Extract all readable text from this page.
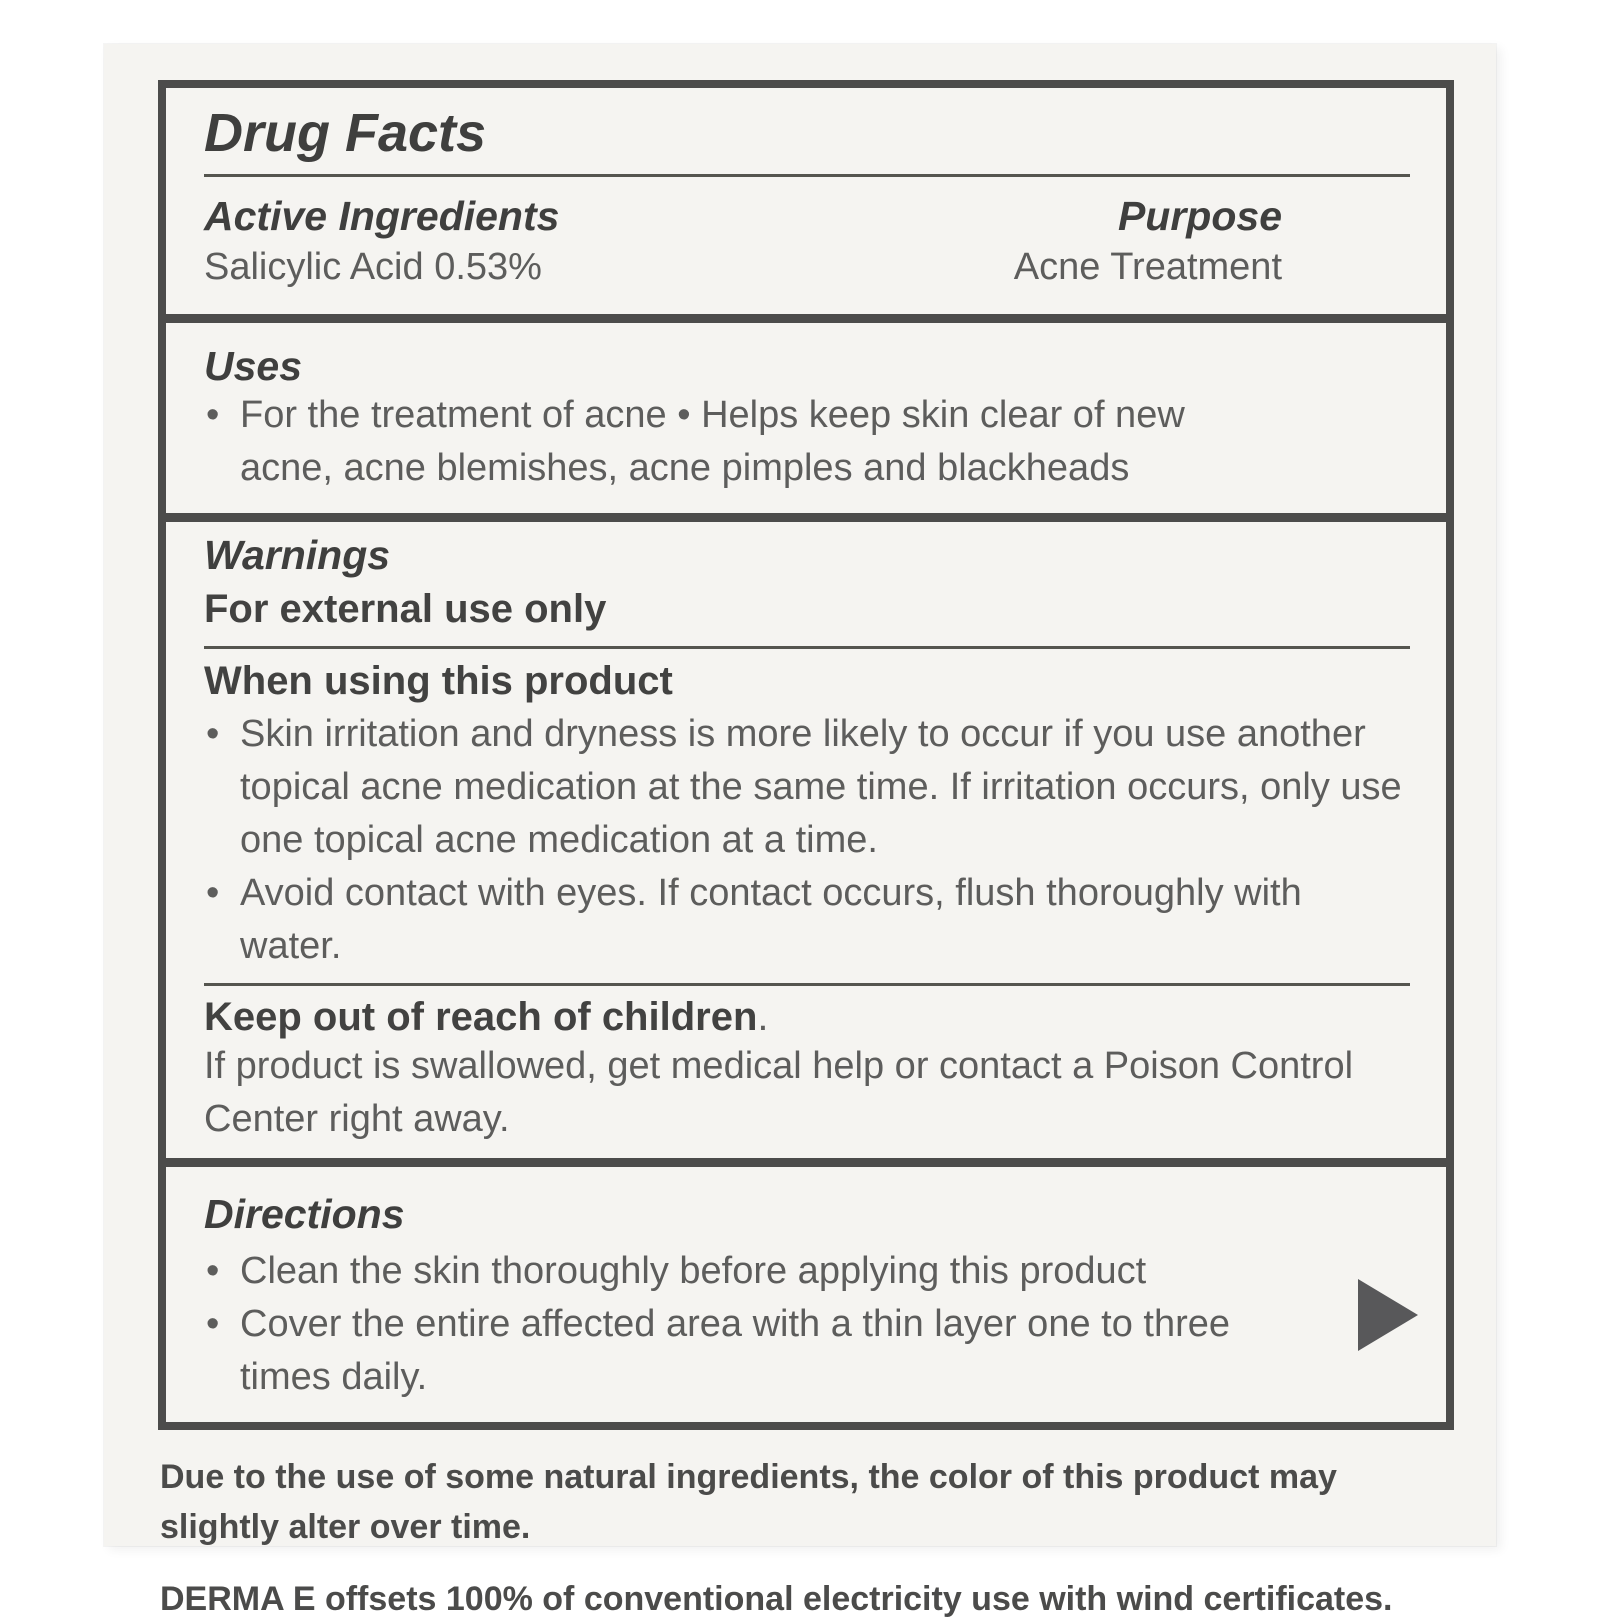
Drug Facts
Active Ingredients
Salicylic Acid 0.53%
Purpose
Acne Treatment
Uses
• For the treatment of acne • Helps keep skin clear of new acne, acne blemishes, acne pimples and blackheads
Warnings
For external use only
When using this product
• Skin irritation and dryness is more likely to occur if you use another topical acne medication at the same time. If irritation occurs, only use one topical acne medication at a time.
• Avoid contact with eyes. If contact occurs, flush thoroughly with water.
Keep out of reach of children.
If product is swallowed, get medical help or contact a Poison Control Center right away.
Directions
• Clean the skin thoroughly before applying this product
• Cover the entire affected area with a thin layer one to three times daily.

Due to the use of some natural ingredients, the color of this product may slightly alter over time.

DERMA E offsets 100% of conventional electricity use with wind certificates.
